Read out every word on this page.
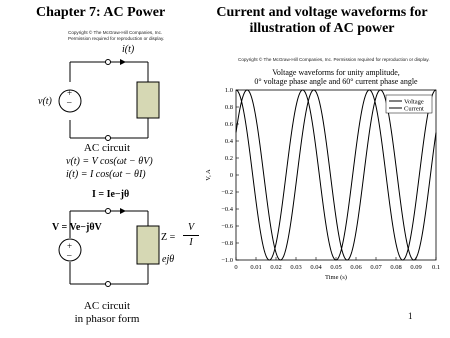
Chapter 7: AC Power	Current and voltage waveforms for illustration of AC power
Copyright © The McGraw-Hill Companies, Inc. Permission required for reproduction or display.
i(t)
v(t)
+
–
AC circuit
v(t) = V cos(ωt − θV)
i(t) = I cos(ωt − θI)
I = Ie−jθ
V = Ve−jθV
+
–
Z =
V
I
ejθ
AC circuit
in phasor form
Copyright © The McGraw-Hill Companies, Inc. Permission required for reproduction or display.
Voltage waveforms for unity amplitude,
0° voltage phase angle and 60° current phase angle
1.0
0.8
0.6
0.4
0.2
0
−0.2
−0.4
−0.6
−0.8
−1.0
0 0.01 0.02 0.03 0.04 0.05 0.06 0.07 0.08 0.09 0.1
Voltage
Current
V, A
Time (s)
1
